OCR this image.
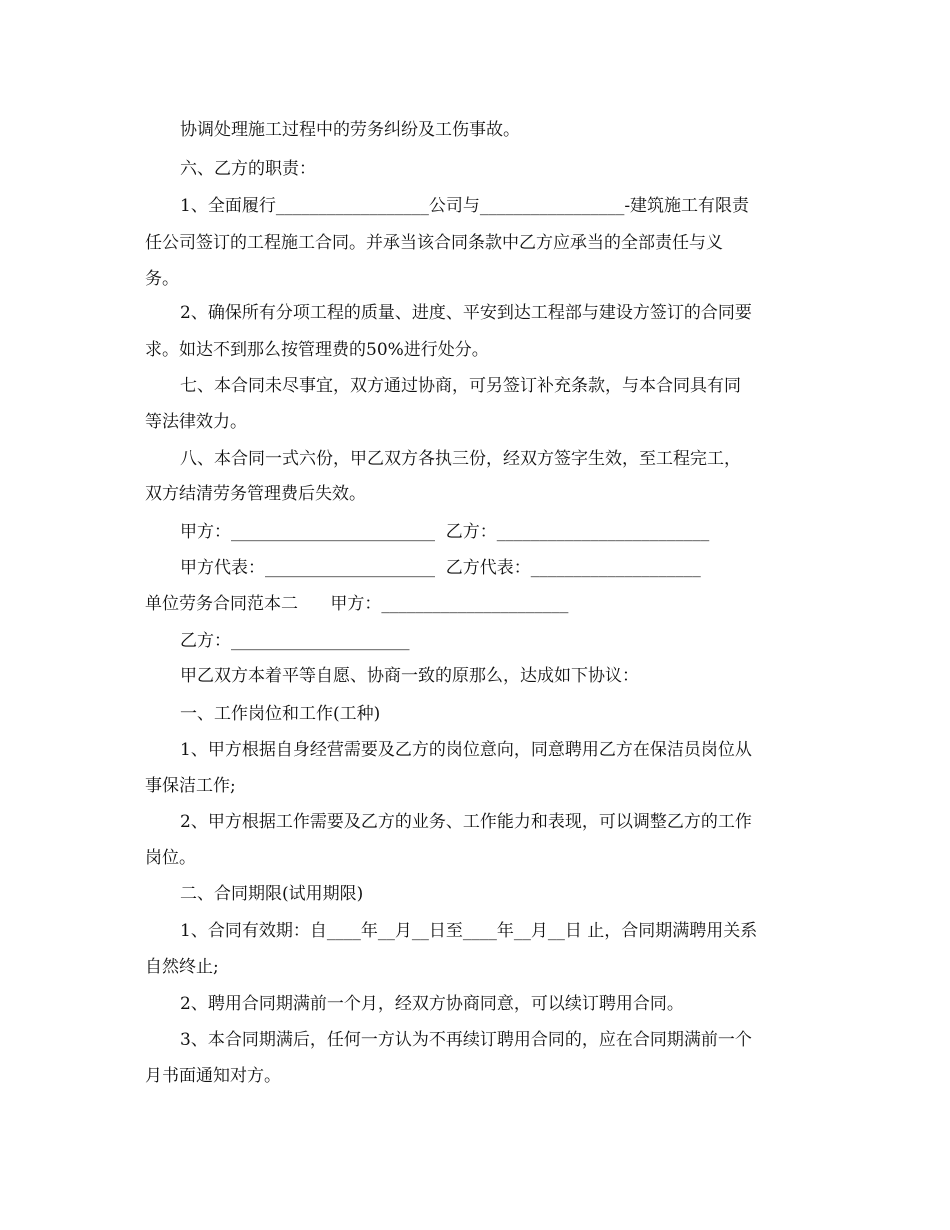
协调处理施工过程中的劳务纠纷及工伤事故。
六、乙方的职责：
1、全面履行__________________公司与_________________-建筑施工有限责
任公司签订的工程施工合同。并承当该合同条款中乙方应承当的全部责任与义
务。
2、确保所有分项工程的质量、进度、平安到达工程部与建设方签订的合同要
求。如达不到那么按管理费的50%进行处分。
七、本合同未尽事宜，双方通过协商，可另签订补充条款，与本合同具有同
等法律效力。
八、本合同一式六份，甲乙双方各执三份，经双方签字生效，至工程完工，
双方结清劳务管理费后失效。
甲方：________________________  乙方：_________________________
甲方代表：____________________  乙方代表：____________________
单位劳务合同范本二      甲方：______________________
乙方：_____________________
甲乙双方本着平等自愿、协商一致的原那么，达成如下协议：
一、工作岗位和工作(工种)
1、甲方根据自身经营需要及乙方的岗位意向，同意聘用乙方在保洁员岗位从
事保洁工作;
2、甲方根据工作需要及乙方的业务、工作能力和表现，可以调整乙方的工作
岗位。
二、合同期限(试用期限)
1、合同有效期：自____年__月__日至____年__月__日 止，合同期满聘用关系
自然终止;
2、聘用合同期满前一个月，经双方协商同意，可以续订聘用合同。
3、本合同期满后，任何一方认为不再续订聘用合同的，应在合同期满前一个
月书面通知对方。
